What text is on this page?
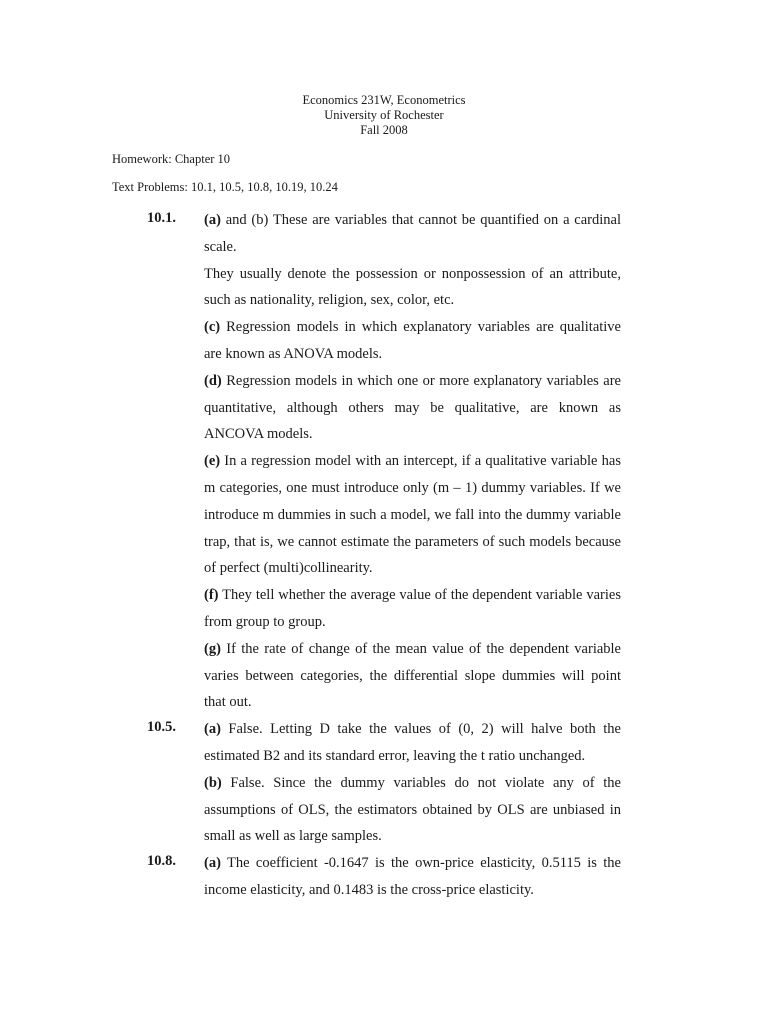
Economics 231W, Econometrics
University of Rochester
Fall 2008
Homework: Chapter 10
Text Problems: 10.1, 10.5, 10.8, 10.19, 10.24
10.1. (a) and (b) These are variables that cannot be quantified on a cardinal scale.

They usually denote the possession or nonpossession of an attribute, such as nationality, religion, sex, color, etc.

(c) Regression models in which explanatory variables are qualitative are known as ANOVA models.

(d) Regression models in which one or more explanatory variables are quantitative, although others may be qualitative, are known as ANCOVA models.

(e) In a regression model with an intercept, if a qualitative variable has m categories, one must introduce only (m – 1) dummy variables. If we introduce m dummies in such a model, we fall into the dummy variable trap, that is, we cannot estimate the parameters of such models because of perfect (multi)collinearity.

(f) They tell whether the average value of the dependent variable varies from group to group.

(g) If the rate of change of the mean value of the dependent variable varies between categories, the differential slope dummies will point that out.

10.5. (a) False. Letting D take the values of (0, 2) will halve both the estimated B2 and its standard error, leaving the t ratio unchanged.

(b) False. Since the dummy variables do not violate any of the assumptions of OLS, the estimators obtained by OLS are unbiased in small as well as large samples.

10.8. (a) The coefficient -0.1647 is the own-price elasticity, 0.5115 is the income elasticity, and 0.1483 is the cross-price elasticity.
